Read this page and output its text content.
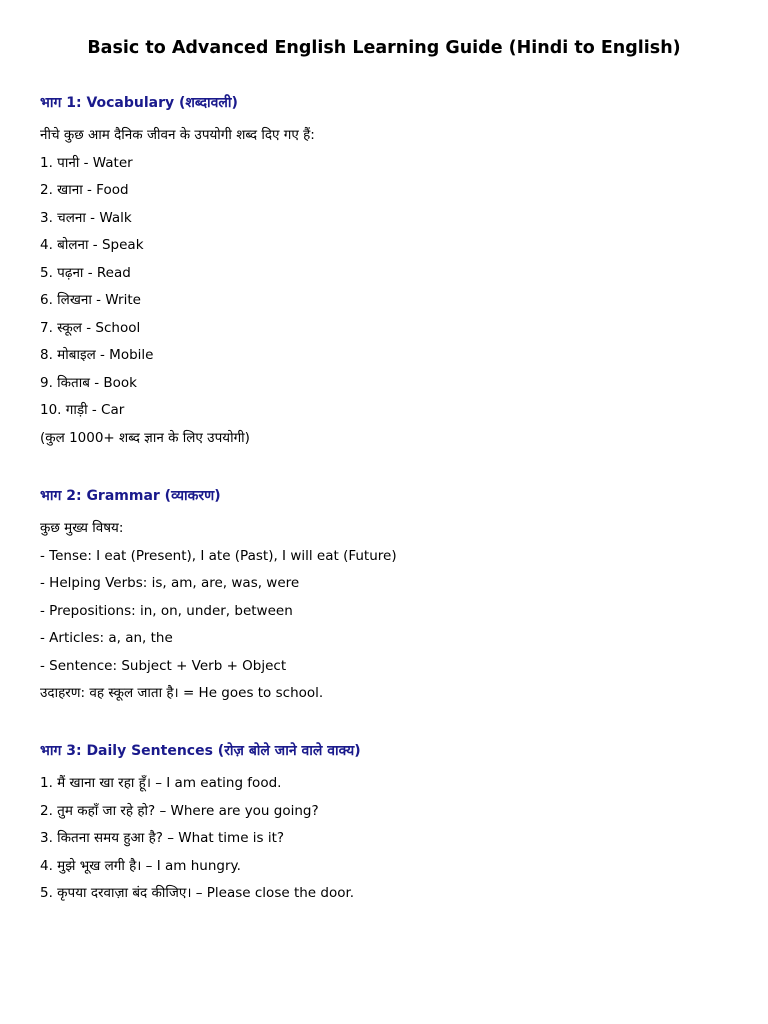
Basic to Advanced English Learning Guide (Hindi to English)
भाग 1: Vocabulary (शब्दावली)
नीचे कुछ आम दैनिक जीवन के उपयोगी शब्द दिए गए हैं:
1. पानी - Water
2. खाना - Food
3. चलना - Walk
4. बोलना - Speak
5. पढ़ना - Read
6. लिखना - Write
7. स्कूल - School
8. मोबाइल - Mobile
9. किताब - Book
10. गाड़ी - Car
(कुल 1000+ शब्द ज्ञान के लिए उपयोगी)
भाग 2: Grammar (व्याकरण)
कुछ मुख्य विषय:
- Tense: I eat (Present), I ate (Past), I will eat (Future)
- Helping Verbs: is, am, are, was, were
- Prepositions: in, on, under, between
- Articles: a, an, the
- Sentence: Subject + Verb + Object
उदाहरण: वह स्कूल जाता है। = He goes to school.
भाग 3: Daily Sentences (रोज़ बोले जाने वाले वाक्य)
1. मैं खाना खा रहा हूँ। – I am eating food.
2. तुम कहाँ जा रहे हो? – Where are you going?
3. कितना समय हुआ है? – What time is it?
4. मुझे भूख लगी है। – I am hungry.
5. कृपया दरवाज़ा बंद कीजिए। – Please close the door.
